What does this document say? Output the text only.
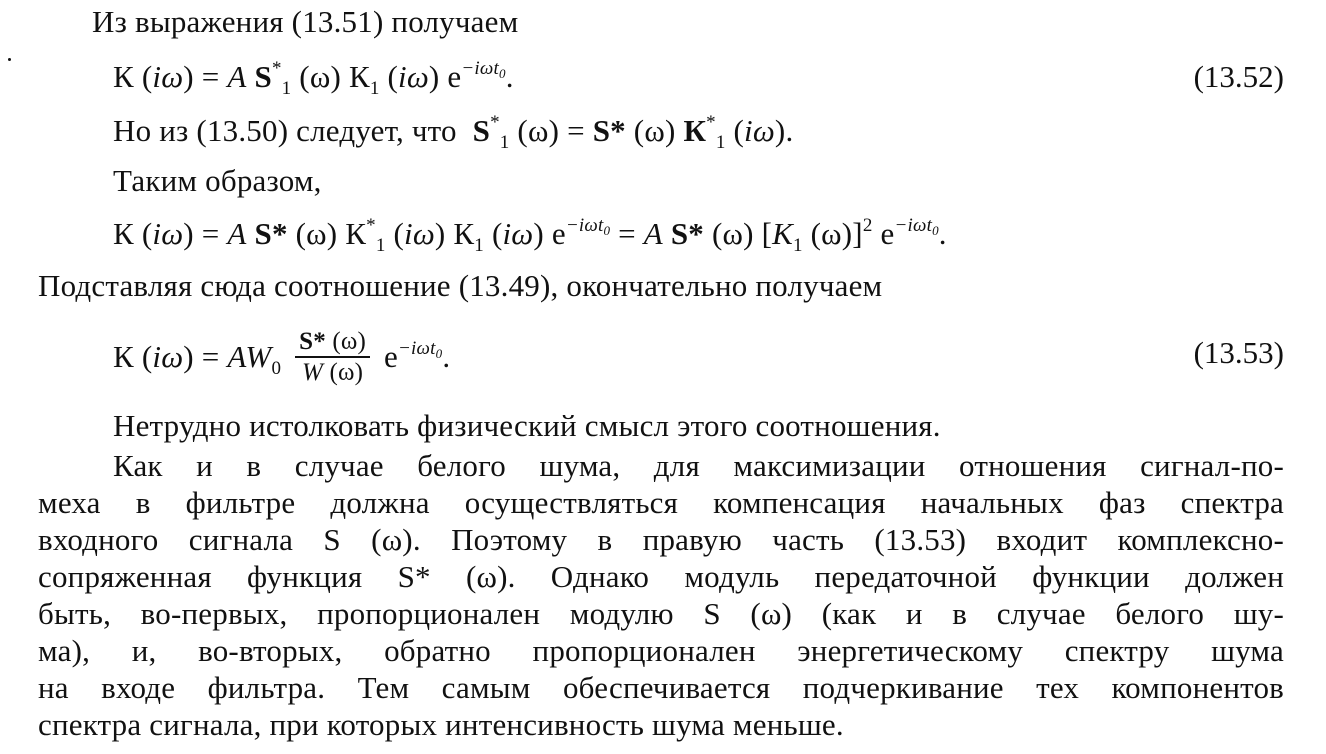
Из выражения (13.51) получаем
К (iω) = A $S^*_1$ (ω) $К_1$ (iω) $e^{-i\omega t_0}$.	(13.52)
Но из (13.50) следует, что $S^*_1$ (ω) = S* (ω) $К^*_1$ (iω).
Таким образом,
К (iω) = A S* (ω) $К^*_1$ (iω) $К_1$ (iω) $e^{-i\omega t_0} = A$ S* (ω) [$K_1$ (ω)]$^2$ $e^{-i\omega t_0}$.
Подставляя сюда соотношение (13.49), окончательно получаем
К $(i\omega) = AW_0 \frac{S* (\omega)}{W (\omega)} e^{-i\omega t_0}$.	(13.53)
Нетрудно истолковать физический смысл этого соотношения.
Как и в случае белого шума, для максимизации отношения сигнал-по-
меха в фильтре должна осуществляться компенсация начальных фаз спектра
входного сигнала S (ω). Поэтому в правую часть (13.53) входит комплексно-
сопряженная функция S* (ω). Однако модуль передаточной функции должен
быть, во-первых, пропорционален модулю S (ω) (как и в случае белого шу-
ма), и, во-вторых, обратно пропорционален энергетическому спектру шума
на входе фильтра. Тем самым обеспечивается подчеркивание тех компонентов
спектра сигнала, при которых интенсивность шума меньше.
